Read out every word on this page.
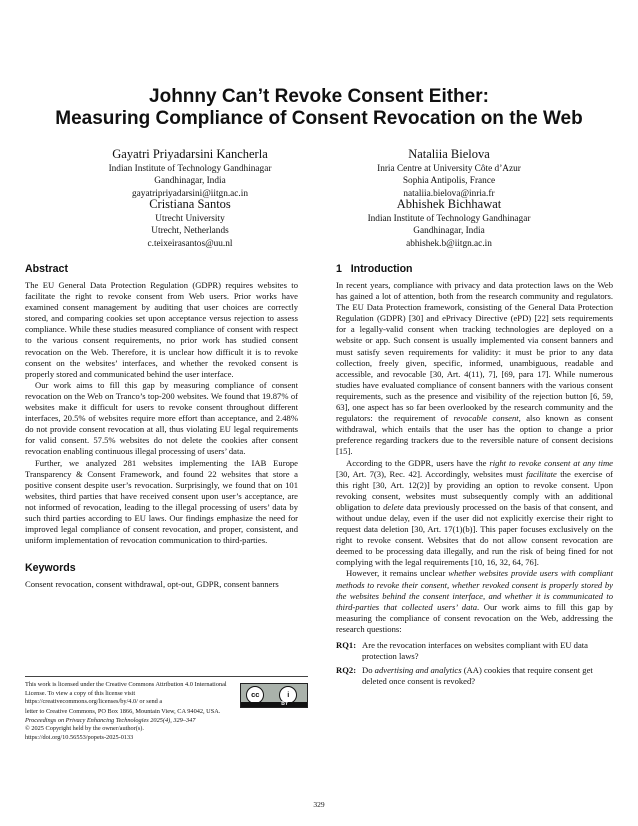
Johnny Can’t Revoke Consent Either:
Measuring Compliance of Consent Revocation on the Web
Gayatri Priyadarsini Kancherla
Indian Institute of Technology Gandhinagar
Gandhinagar, India
gayatripriyadarsini@iitgn.ac.in
Nataliia Bielova
Inria Centre at University Côte d’Azur
Sophia Antipolis, France
nataliia.bielova@inria.fr
Cristiana Santos
Utrecht University
Utrecht, Netherlands
c.teixeirasantos@uu.nl
Abhishek Bichhawat
Indian Institute of Technology Gandhinagar
Gandhinagar, India
abhishek.b@iitgn.ac.in
Abstract

The EU General Data Protection Regulation (GDPR) requires websites to facilitate the right to revoke consent from Web users. Prior works have examined consent management by auditing that user choices are correctly stored, and comparing cookies set upon acceptance versus rejection to assess compliance. While these studies measured compliance of consent with respect to the various consent requirements, no prior work has studied consent revocation on the Web. Therefore, it is unclear how difficult it is to revoke consent on the websites’ interfaces, and whether the revoked consent is properly stored and communicated behind the user interface.

Our work aims to fill this gap by measuring compliance of consent revocation on the Web on Tranco’s top-200 websites. We found that 19.87% of websites make it difficult for users to revoke consent throughout different interfaces, 20.5% of websites require more effort than acceptance, and 2.48% do not provide consent revocation at all, thus violating EU legal requirements for valid consent. 57.5% websites do not delete the cookies after consent revocation enabling continuous illegal processing of users’ data.

Further, we analyzed 281 websites implementing the IAB Europe Transparency & Consent Framework, and found 22 websites that store a positive consent despite user’s revocation. Surprisingly, we found that on 101 websites, third parties that have received consent upon user’s acceptance, are not informed of revocation, leading to the illegal processing of users’ data by such third parties according to EU laws. Our findings emphasize the need for improved legal compliance of consent revocation, and proper, consistent, and uniform implementation of revocation communication to third-parties.

Keywords

Consent revocation, consent withdrawal, opt-out, GDPR, consent banners

This work is licensed under the Creative Commons Attribution 4.0 International License. To view a copy of this license visit https://creativecommons.org/licenses/by/4.0/ or send a
cc	i
BY
letter to Creative Commons, PO Box 1866, Mountain View, CA 94042, USA.
Proceedings on Privacy Enhancing Technologies 2025(4), 329–347
© 2025 Copyright held by the owner/author(s).
https://doi.org/10.56553/popets-2025-0133
1   Introduction

In recent years, compliance with privacy and data protection laws on the Web has gained a lot of attention, both from the research community and regulators. The EU Data Protection framework, consisting of the General Data Protection Regulation (GDPR) [30] and ePrivacy Directive (ePD) [22] sets requirements for a legally-valid consent when tracking technologies are deployed on a website or app. Such consent is usually implemented via consent banners and must satisfy seven requirements for validity: it must be prior to any data collection, freely given, specific, informed, unambiguous, readable and accessible, and revocable [30, Art. 4(11), 7], [69, para 17]. While numerous studies have evaluated compliance of consent banners with the various consent requirements, such as the presence and visibility of the rejection button [6, 59, 63], one aspect has so far been overlooked by the research community and the regulators: the requirement of revocable consent, also known as consent withdrawal, which entails that the user has the option to change a prior preference regarding trackers due to the reversible nature of consent decisions [15].

According to the GDPR, users have the right to revoke consent at any time [30, Art. 7(3), Rec. 42]. Accordingly, websites must facilitate the exercise of this right [30, Art. 12(2)] by providing an option to revoke consent. Upon revoking consent, websites must subsequently comply with an additional obligation to delete data previously processed on the basis of that consent, and without undue delay, even if the user did not explicitly exercise their right to request data deletion [30, Art. 17(1)(b)]. This paper focuses exclusively on the right to revoke consent. Websites that do not allow consent revocation are deemed to be processing data illegally, and run the risk of being fined for not complying with the legal requirements [10, 16, 32, 64, 76].

However, it remains unclear whether websites provide users with compliant methods to revoke their consent, whether revoked consent is properly stored by the websites behind the consent interface, and whether it is communicated to third-parties that collected users’ data. Our work aims to fill this gap by measuring the compliance of consent revocation on the Web, addressing the research questions:

RQ1: Are the revocation interfaces on websites compliant with EU data protection laws?
RQ2: Do advertising and analytics (AA) cookies that require consent get deleted once consent is revoked?
329
